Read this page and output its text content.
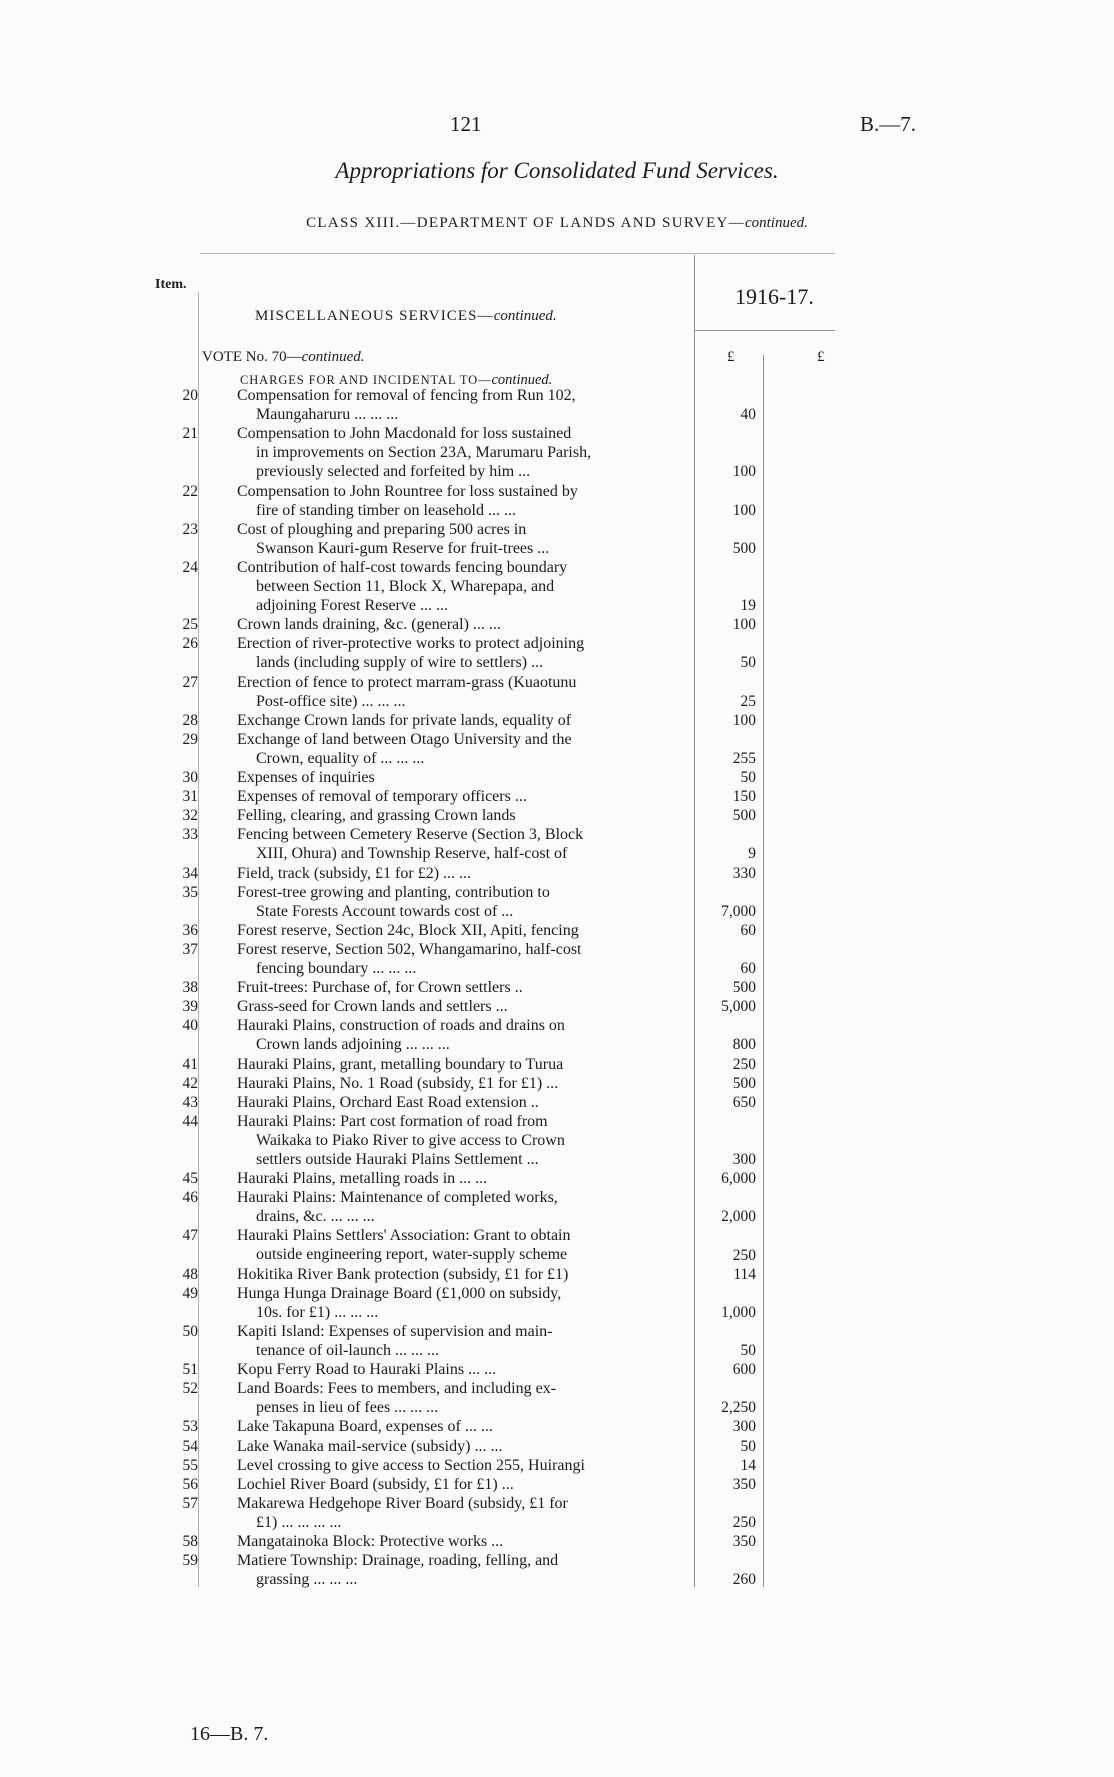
121	B.—7.
Appropriations for Consolidated Fund Services.
CLASS XIII.—DEPARTMENT OF LANDS AND SURVEY—continued.
Item.	1916-17.
MISCELLANEOUS SERVICES—continued.
VOTE No. 70—continued.	£	£
CHARGES FOR AND INCIDENTAL TO—continued.
20 Compensation for removal of fencing from Run 102,
Maungaharuru ... ... ...	40
21 Compensation to John Macdonald for loss sustained
in improvements on Section 23A, Marumaru Parish,
previously selected and forfeited by him ...	100
22 Compensation to John Rountree for loss sustained by
fire of standing timber on leasehold ... ...	100
23 Cost of ploughing and preparing 500 acres in
Swanson Kauri-gum Reserve for fruit-trees ...	500
24 Contribution of half-cost towards fencing boundary
between Section 11, Block X, Wharepapa, and
adjoining Forest Reserve ... ...	19
25 Crown lands draining, &c. (general) ... ...	100
26 Erection of river-protective works to protect adjoining
lands (including supply of wire to settlers) ...	50
27 Erection of fence to protect marram-grass (Kuaotunu
Post-office site) ... ... ...	25
28 Exchange Crown lands for private lands, equality of	100
29 Exchange of land between Otago University and the
Crown, equality of ... ... ...	255
30 Expenses of inquiries	50
31 Expenses of removal of temporary officers ...	150
32 Felling, clearing, and grassing Crown lands	500
33 Fencing between Cemetery Reserve (Section 3, Block
XIII, Ohura) and Township Reserve, half-cost of	9
34 Field, track (subsidy, £1 for £2) ... ...	330
35 Forest-tree growing and planting, contribution to
State Forests Account towards cost of ...	7,000
36 Forest reserve, Section 24c, Block XII, Apiti, fencing	60
37 Forest reserve, Section 502, Whangamarino, half-cost
fencing boundary ... ... ...	60
38 Fruit-trees: Purchase of, for Crown settlers ..	500
39 Grass-seed for Crown lands and settlers ...	5,000
40 Hauraki Plains, construction of roads and drains on
Crown lands adjoining ... ... ...	800
41 Hauraki Plains, grant, metalling boundary to Turua	250
42 Hauraki Plains, No. 1 Road (subsidy, £1 for £1) ...	500
43 Hauraki Plains, Orchard East Road extension ..	650
44 Hauraki Plains: Part cost formation of road from
Waikaka to Piako River to give access to Crown
settlers outside Hauraki Plains Settlement ...	300
45 Hauraki Plains, metalling roads in ... ...	6,000
46 Hauraki Plains: Maintenance of completed works,
drains, &c. ... ... ...	2,000
47 Hauraki Plains Settlers' Association: Grant to obtain
outside engineering report, water-supply scheme	250
48 Hokitika River Bank protection (subsidy, £1 for £1)	114
49 Hunga Hunga Drainage Board (£1,000 on subsidy,
10s. for £1) ... ... ...	1,000
50 Kapiti Island: Expenses of supervision and main-
tenance of oil-launch ... ... ...	50
51 Kopu Ferry Road to Hauraki Plains ... ...	600
52 Land Boards: Fees to members, and including ex-
penses in lieu of fees ... ... ...	2,250
53 Lake Takapuna Board, expenses of ... ...	300
54 Lake Wanaka mail-service (subsidy) ... ...	50
55 Level crossing to give access to Section 255, Huirangi	14
56 Lochiel River Board (subsidy, £1 for £1) ...	350
57 Makarewa Hedgehope River Board (subsidy, £1 for
£1) ... ... ... ...	250
58 Mangatainoka Block: Protective works ...	350
59 Matiere Township: Drainage, roading, felling, and
grassing ... ... ...	260
16—B. 7.
